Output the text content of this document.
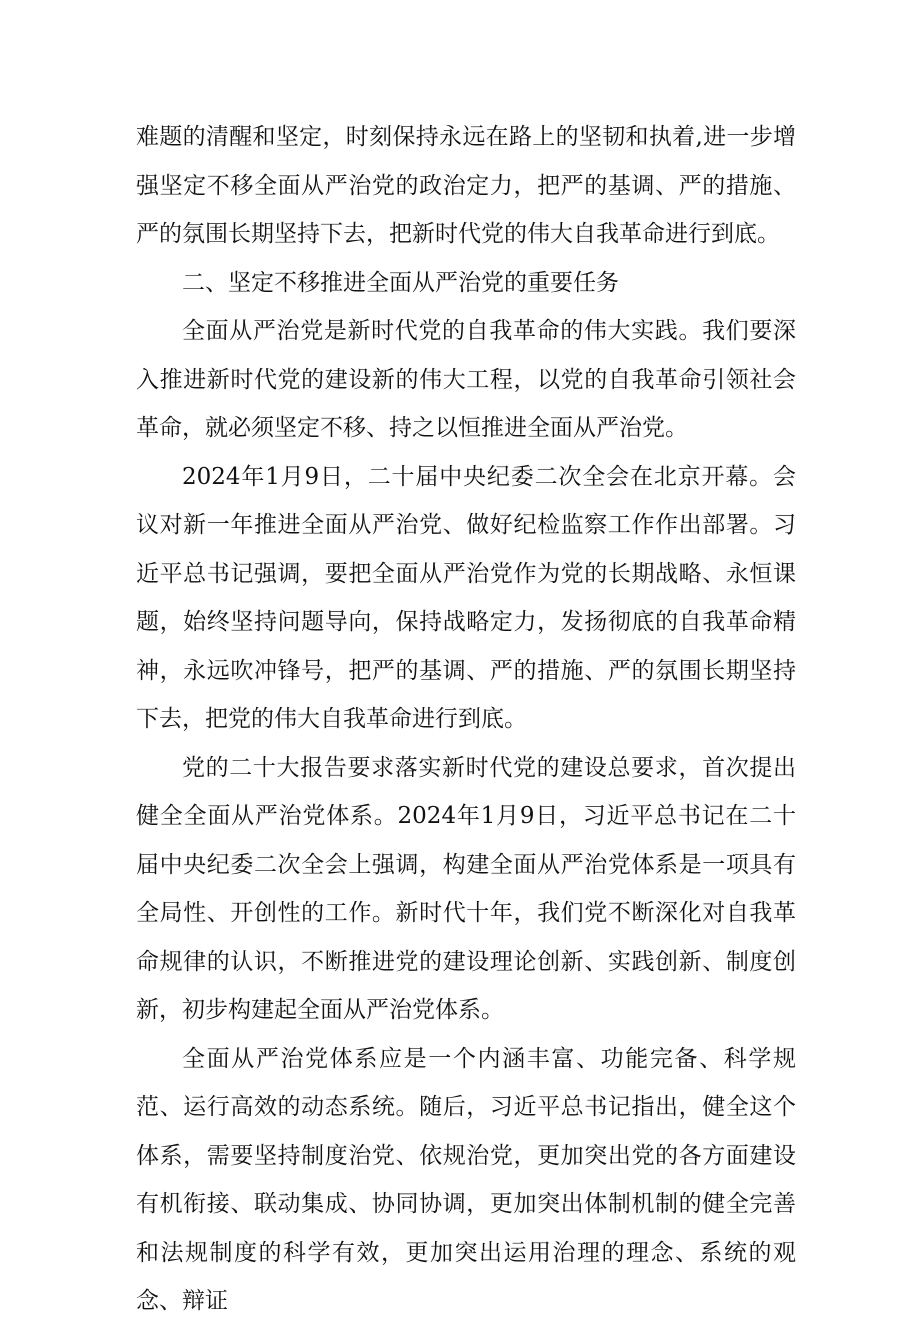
难题的清醒和坚定，时刻保持永远在路上的坚韧和执着,进一步增强坚定不移全面从严治党的政治定力，把严的基调、严的措施、严的氛围长期坚持下去，把新时代党的伟大自我革命进行到底。

二、坚定不移推进全面从严治党的重要任务

全面从严治党是新时代党的自我革命的伟大实践。我们要深入推进新时代党的建设新的伟大工程，以党的自我革命引领社会革命，就必须坚定不移、持之以恒推进全面从严治党。

2024年1月9日，二十届中央纪委二次全会在北京开幕。会议对新一年推进全面从严治党、做好纪检监察工作作出部署。习近平总书记强调，要把全面从严治党作为党的长期战略、永恒课题，始终坚持问题导向，保持战略定力，发扬彻底的自我革命精神，永远吹冲锋号，把严的基调、严的措施、严的氛围长期坚持下去，把党的伟大自我革命进行到底。

党的二十大报告要求落实新时代党的建设总要求，首次提出健全全面从严治党体系。2024年1月9日，习近平总书记在二十届中央纪委二次全会上强调，构建全面从严治党体系是一项具有全局性、开创性的工作。新时代十年，我们党不断深化对自我革命规律的认识，不断推进党的建设理论创新、实践创新、制度创新，初步构建起全面从严治党体系。

全面从严治党体系应是一个内涵丰富、功能完备、科学规范、运行高效的动态系统。随后，习近平总书记指出，健全这个体系，需要坚持制度治党、依规治党，更加突出党的各方面建设有机衔接、联动集成、协同协调，更加突出体制机制的健全完善和法规制度的科学有效，更加突出运用治理的理念、系统的观念、辩证
